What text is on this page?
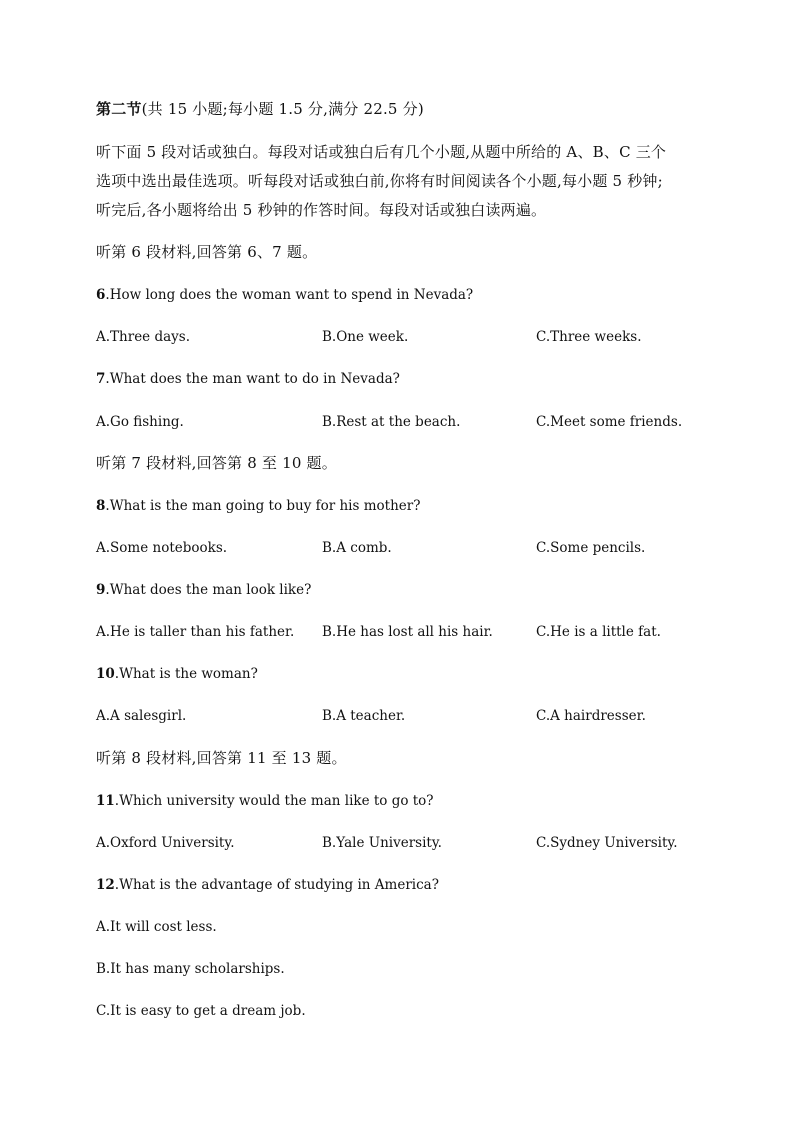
第二节(共 15 小题;每小题 1.5 分,满分 22.5 分)
听下面 5 段对话或独白。每段对话或独白后有几个小题,从题中所给的 A、B、C 三个
选项中选出最佳选项。听每段对话或独白前,你将有时间阅读各个小题,每小题 5 秒钟;
听完后,各小题将给出 5 秒钟的作答时间。每段对话或独白读两遍。
听第 6 段材料,回答第 6、7 题。
6.How long does the woman want to spend in Nevada?
A.Three days.	B.One week.	C.Three weeks.
7.What does the man want to do in Nevada?
A.Go fishing.	B.Rest at the beach.	C.Meet some friends.
听第 7 段材料,回答第 8 至 10 题。
8.What is the man going to buy for his mother?
A.Some notebooks.	B.A comb.	C.Some pencils.
9.What does the man look like?
A.He is taller than his father. B.He has lost all his hair.	C.He is a little fat.
10.What is the woman?
A.A salesgirl.	B.A teacher.	C.A hairdresser.
听第 8 段材料,回答第 11 至 13 题。
11.Which university would the man like to go to?
A.Oxford University.	B.Yale University.	C.Sydney University.
12.What is the advantage of studying in America?
A.It will cost less.
B.It has many scholarships.
C.It is easy to get a dream job.
